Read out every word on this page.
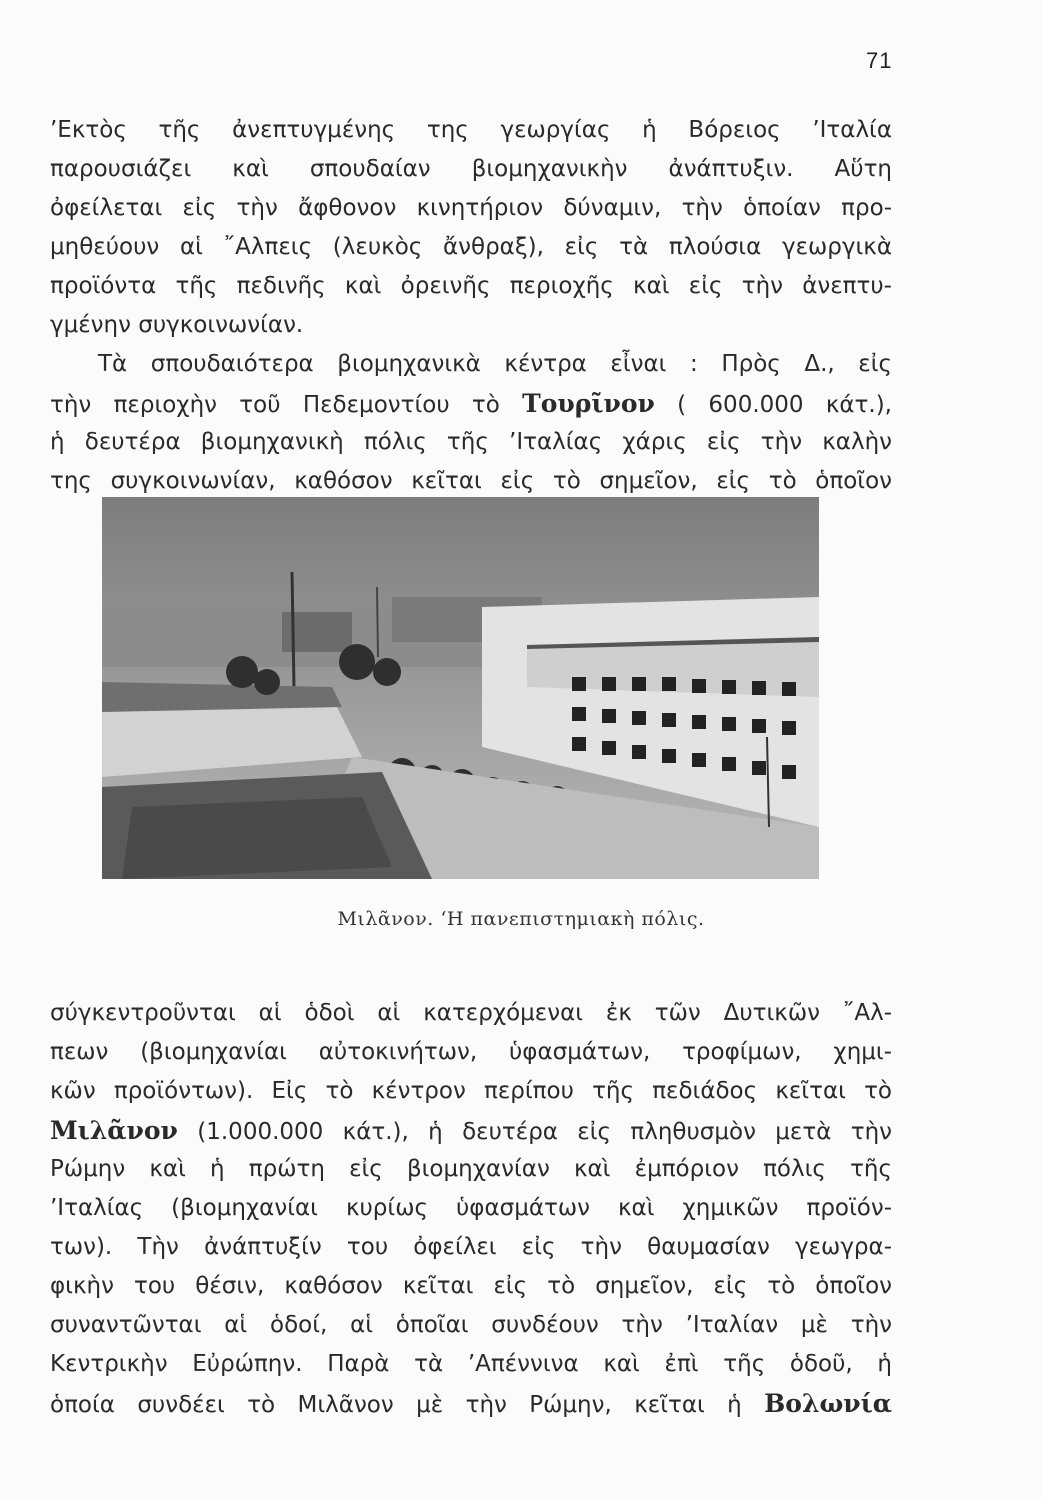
71
’Εκτὸς τῆς ἀνεπτυγμένης της γεωργίας ἡ Βόρειος ’Ιταλία
παρουσιάζει καὶ σπουδαίαν βιομηχανικὴν ἀνάπτυξιν. Αὕτη
ὀφείλεται εἰς τὴν ἄφθονον κινητήριον δύναμιν, τὴν ὁποίαν προ-
μηθεύουν αἱ ῎Αλπεις (λευκὸς ἄνθραξ), εἰς τὰ πλούσια γεωργικὰ
προϊόντα τῆς πεδινῆς καὶ ὀρεινῆς περιοχῆς καὶ εἰς τὴν ἀνεπτυ-
γμένην συγκοινωνίαν.
Τὰ σπουδαιότερα βιομηχανικὰ κέντρα εἶναι : Πρὸς Δ., εἰς
τὴν περιοχὴν τοῦ Πεδεμοντίου τὸ Τουρῖνον ( 600.000 κάτ.),
ἡ δευτέρα βιομηχανικὴ πόλις τῆς ’Ιταλίας χάρις εἰς τὴν καλὴν
της συγκοινωνίαν, καθόσον κεῖται εἰς τὸ σημεῖον, εἰς τὸ ὁποῖον
Μιλᾶνον. ‘Η πανεπιστημιακὴ πόλις.
σύγκεντροῦνται αἱ ὁδοὶ αἱ κατερχόμεναι ἐκ τῶν Δυτικῶν ῎Αλ-
πεων (βιομηχανίαι αὐτοκινήτων, ὑφασμάτων, τροφίμων, χημι-
κῶν προϊόντων). Εἰς τὸ κέντρον περίπου τῆς πεδιάδος κεῖται τὸ
Μιλᾶνον (1.000.000 κάτ.), ἡ δευτέρα εἰς πληθυσμὸν μετὰ τὴν
Ρώμην καὶ ἡ πρώτη εἰς βιομηχανίαν καὶ ἐμπόριον πόλις τῆς
’Ιταλίας (βιομηχανίαι κυρίως ὑφασμάτων καὶ χημικῶν προϊόν-
των). Τὴν ἀνάπτυξίν του ὀφείλει εἰς τὴν θαυμασίαν γεωγρα-
φικὴν του θέσιν, καθόσον κεῖται εἰς τὸ σημεῖον, εἰς τὸ ὁποῖον
συναντῶνται αἱ ὁδοί, αἱ ὁποῖαι συνδέουν τὴν ’Ιταλίαν μὲ τὴν
Κεντρικὴν Εὐρώπην. Παρὰ τὰ ’Απέννινα καὶ ἐπὶ τῆς ὁδοῦ, ἡ
ὁποία συνδέει τὸ Μιλᾶνον μὲ τὴν Ρώμην, κεῖται ἡ Βολωνία
